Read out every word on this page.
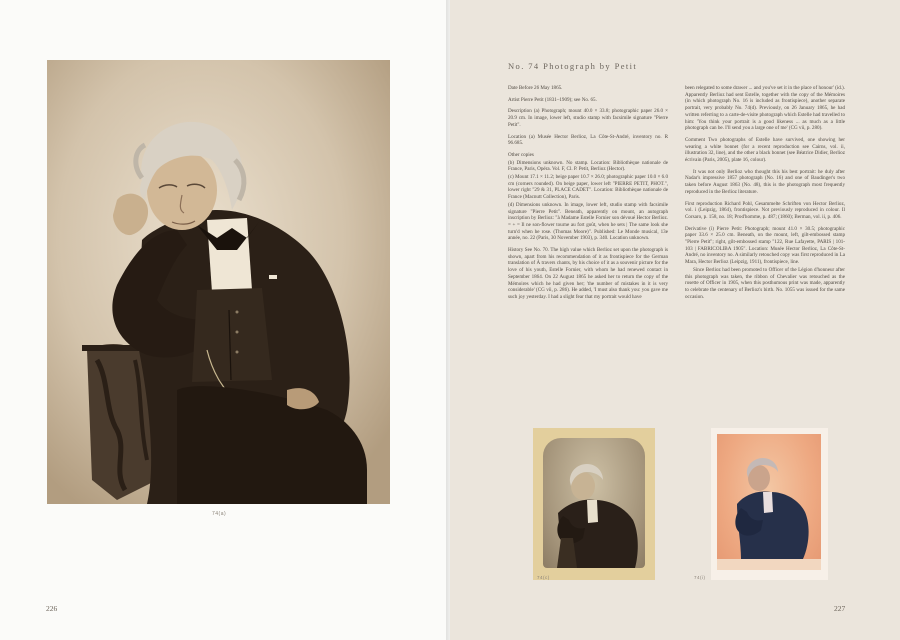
74(a)
226
No. 74 Photograph by Petit

Date Before 26 May 1865.

Artist Pierre Petit (1831–1909); see No. 65.

Description (a) Photograph; mount 40.0 × 33.8; photographic paper 26.0 × 20.9 cm. In image, lower left, studio stamp with facsimile signature "Pierre Petit".

Location (a) Musée Hector Berlioz, La Côte-St-André, inventory no. R 96.685.

Other copies

(b) Dimensions unknown. No stamp. Location: Bibliothèque nationale de France, Paris, Opéra. Vol. F, Cl. P. Petit, Berlioz (Hector).

(c) Mount 17.1 × 11.2; beige paper 10.7 × 26.0; photographic paper 10.0 × 6.0 cm (corners rounded). On beige paper, lower left "PIERRE PETIT, PHOT.", lower right "29 & 31, PLACE CADET". Location: Bibliothèque nationale de France (Macnutt Collection), Paris.

(d) Dimensions unknown. In image, lower left, studio stamp with facsimile signature "Pierre Petit". Beneath, apparently on mount, an autograph inscription by Berlioz: "à Madame Estelle Fornier son dévoué Hector Berlioz. = + = Il ne son-flower tourne au fort goût, when he sets | The same look she turn'd when he rose. (Thomas Moore)". Published: Le Monde musical, 13e année, no. 22 (Paris, 30 November 1903), p. 340. Location unknown.

History See No. 70. The high value which Berlioz set upon the photograph is shown, apart from his recommendation of it as frontispiece for the German translation of À travers chants, by his choice of it as a souvenir picture for the love of his youth, Estelle Fornier, with whom he had renewed contact in September 1864. On 22 August 1865 he asked her to return the copy of the Mémoires which he had given her; 'the number of mistakes in it is very considerable' (CG vii, p. 286). He added, 'I must also thank you: you gave me such joy yesterday. I had a slight fear that my portrait would have

been relegated to some drawer ... and you've set it in the place of honour' (id.). Apparently Berlioz had sent Estelle, together with the copy of the Mémoires (in which photograph No. 16 is included as frontispiece), another separate portrait, very probably No. 74(d). Previously, on 26 January 1865, he had written referring to a carte-de-visite photograph which Estelle had travelled to him: 'You think your portrait is a good likeness ... as much as a little photograph can be. I'll send you a large one of me' (CG vii, p. 280).

Comment Two photographs of Estelle have survived, one showing her wearing a white bonnet (for a recent reproduction see Cairns, vol. ii, illustration 32, line), and the other a black bonnet (see Béatrice Didier, Berlioz écrivain (Paris, 2005), plate 16, colour).

It was not only Berlioz who thought this his best portrait: he duly after Nadar's impressive 1857 photograph (No. 16) and one of Baudinger's two taken before August 1863 (No. 48), this is the photograph most frequently reproduced in the Berlioz literature.

First reproduction Richard Pohl, Gesammelte Schriften von Hector Berlioz, vol. i (Leipzig, 1864), frontispiece. Not previously reproduced in colour. Il Corsaro, p. 158, no. 18; Prod'homme, p. 487; (1860); Berman, vol. ii, p. 406.

Derivative (i) Pierre Petit: Photograph; mount 41.0 × 30.5; photographic paper 33.6 × 25.0 cm. Beneath, on the mount, left, gilt-embossed stamp "Pierre Petit"; right, gilt-embossed stamp "122, Rue Lafayette, PARIS | 101-103 | FABRICOLIBA 1905". Location: Musée Hector Berlioz, La Côte-St-André, no inventory no. A similarly retouched copy was first reproduced in La Mara, Hector Berlioz (Leipzig, 1911), frontispiece, line.

Since Berlioz had been promoted to Officer of the Légion d'honneur after this photograph was taken, the ribbon of Chevalier was retouched as the rosette of Officer in 1905, when this posthumous print was made, apparently to celebrate the centenary of Berlioz's birth. No. 1055 was issued for the same occasion.

74(c)	74(i)
227
